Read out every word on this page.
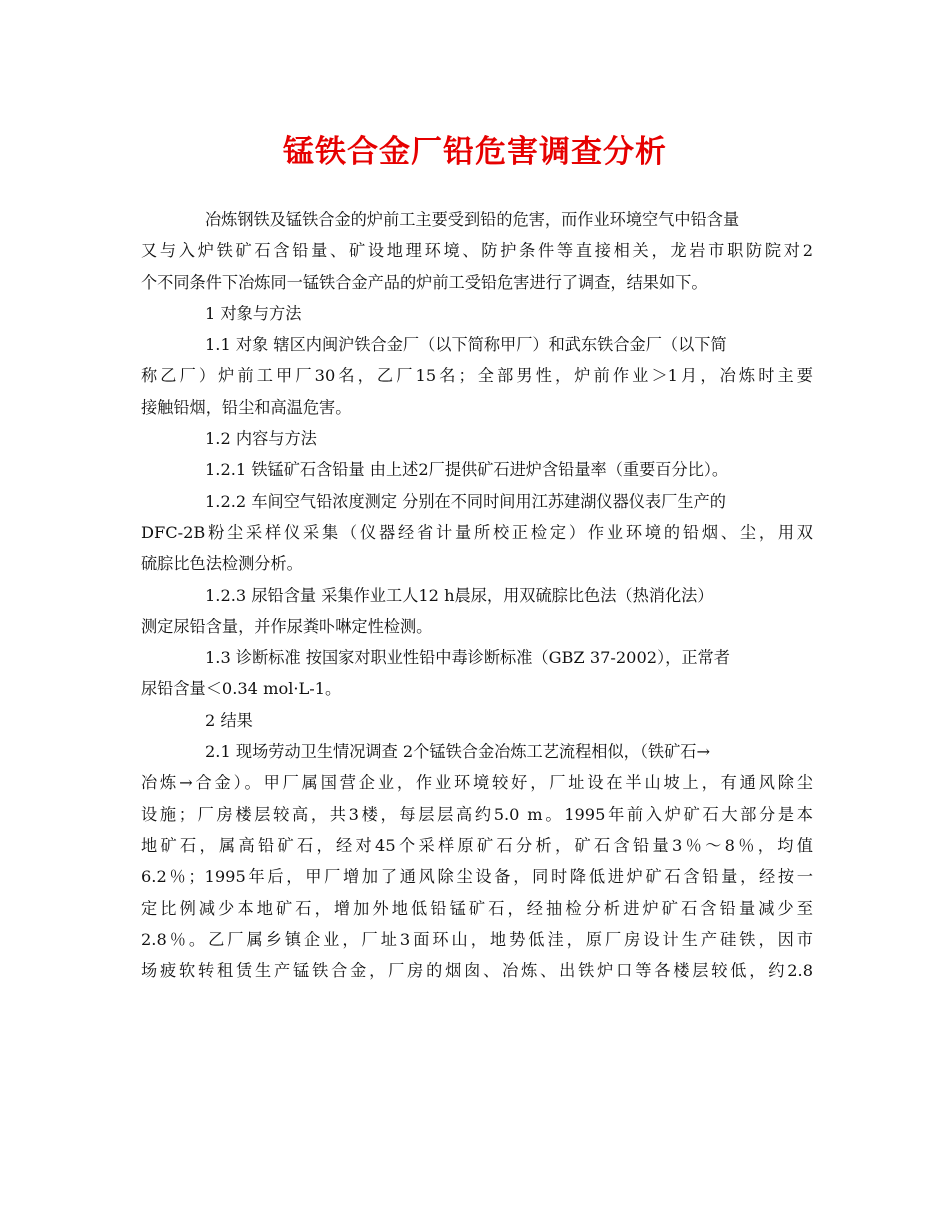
锰铁合金厂铅危害调查分析
冶炼钢铁及锰铁合金的炉前工主要受到铅的危害，而作业环境空气中铅含量
又与入炉铁矿石含铅量、矿设地理环境、防护条件等直接相关，龙岩市职防院对2
个不同条件下冶炼同一锰铁合金产品的炉前工受铅危害进行了调查，结果如下。
1 对象与方法
1.1 对象 辖区内闽沪铁合金厂（以下简称甲厂）和武东铁合金厂（以下简
称乙厂）炉前工甲厂30名，乙厂15名；全部男性，炉前作业＞1月，冶炼时主要
接触铅烟，铅尘和高温危害。
1.2 内容与方法
1.2.1 铁锰矿石含铅量 由上述2厂提供矿石进炉含铅量率（重要百分比）。
1.2.2 车间空气铅浓度测定 分别在不同时间用江苏建湖仪器仪表厂生产的
DFC-2B粉尘采样仪采集（仪器经省计量所校正检定）作业环境的铅烟、尘，用双
硫腙比色法检测分析。
1.2.3 尿铅含量 采集作业工人12 h晨尿，用双硫腙比色法（热消化法）
测定尿铅含量，并作尿粪卟啉定性检测。
1.3 诊断标准 按国家对职业性铅中毒诊断标准（GBZ 37-2002），正常者
尿铅含量＜0.34 mol·L-1。
2 结果
2.1 现场劳动卫生情况调查 2个锰铁合金冶炼工艺流程相似，（铁矿石→
冶炼→合金）。甲厂属国营企业，作业环境较好，厂址设在半山坡上，有通风除尘
设施；厂房楼层较高，共3楼，每层层高约5.0 m。1995年前入炉矿石大部分是本
地矿石，属高铅矿石，经对45个采样原矿石分析，矿石含铅量3％～8％，均值
6.2％；1995年后，甲厂增加了通风除尘设备，同时降低进炉矿石含铅量，经按一
定比例减少本地矿石，增加外地低铅锰矿石，经抽检分析进炉矿石含铅量减少至
2.8％。乙厂属乡镇企业，厂址3面环山，地势低洼，原厂房设计生产硅铁，因市
场疲软转租赁生产锰铁合金，厂房的烟囱、冶炼、出铁炉口等各楼层较低，约2.8
